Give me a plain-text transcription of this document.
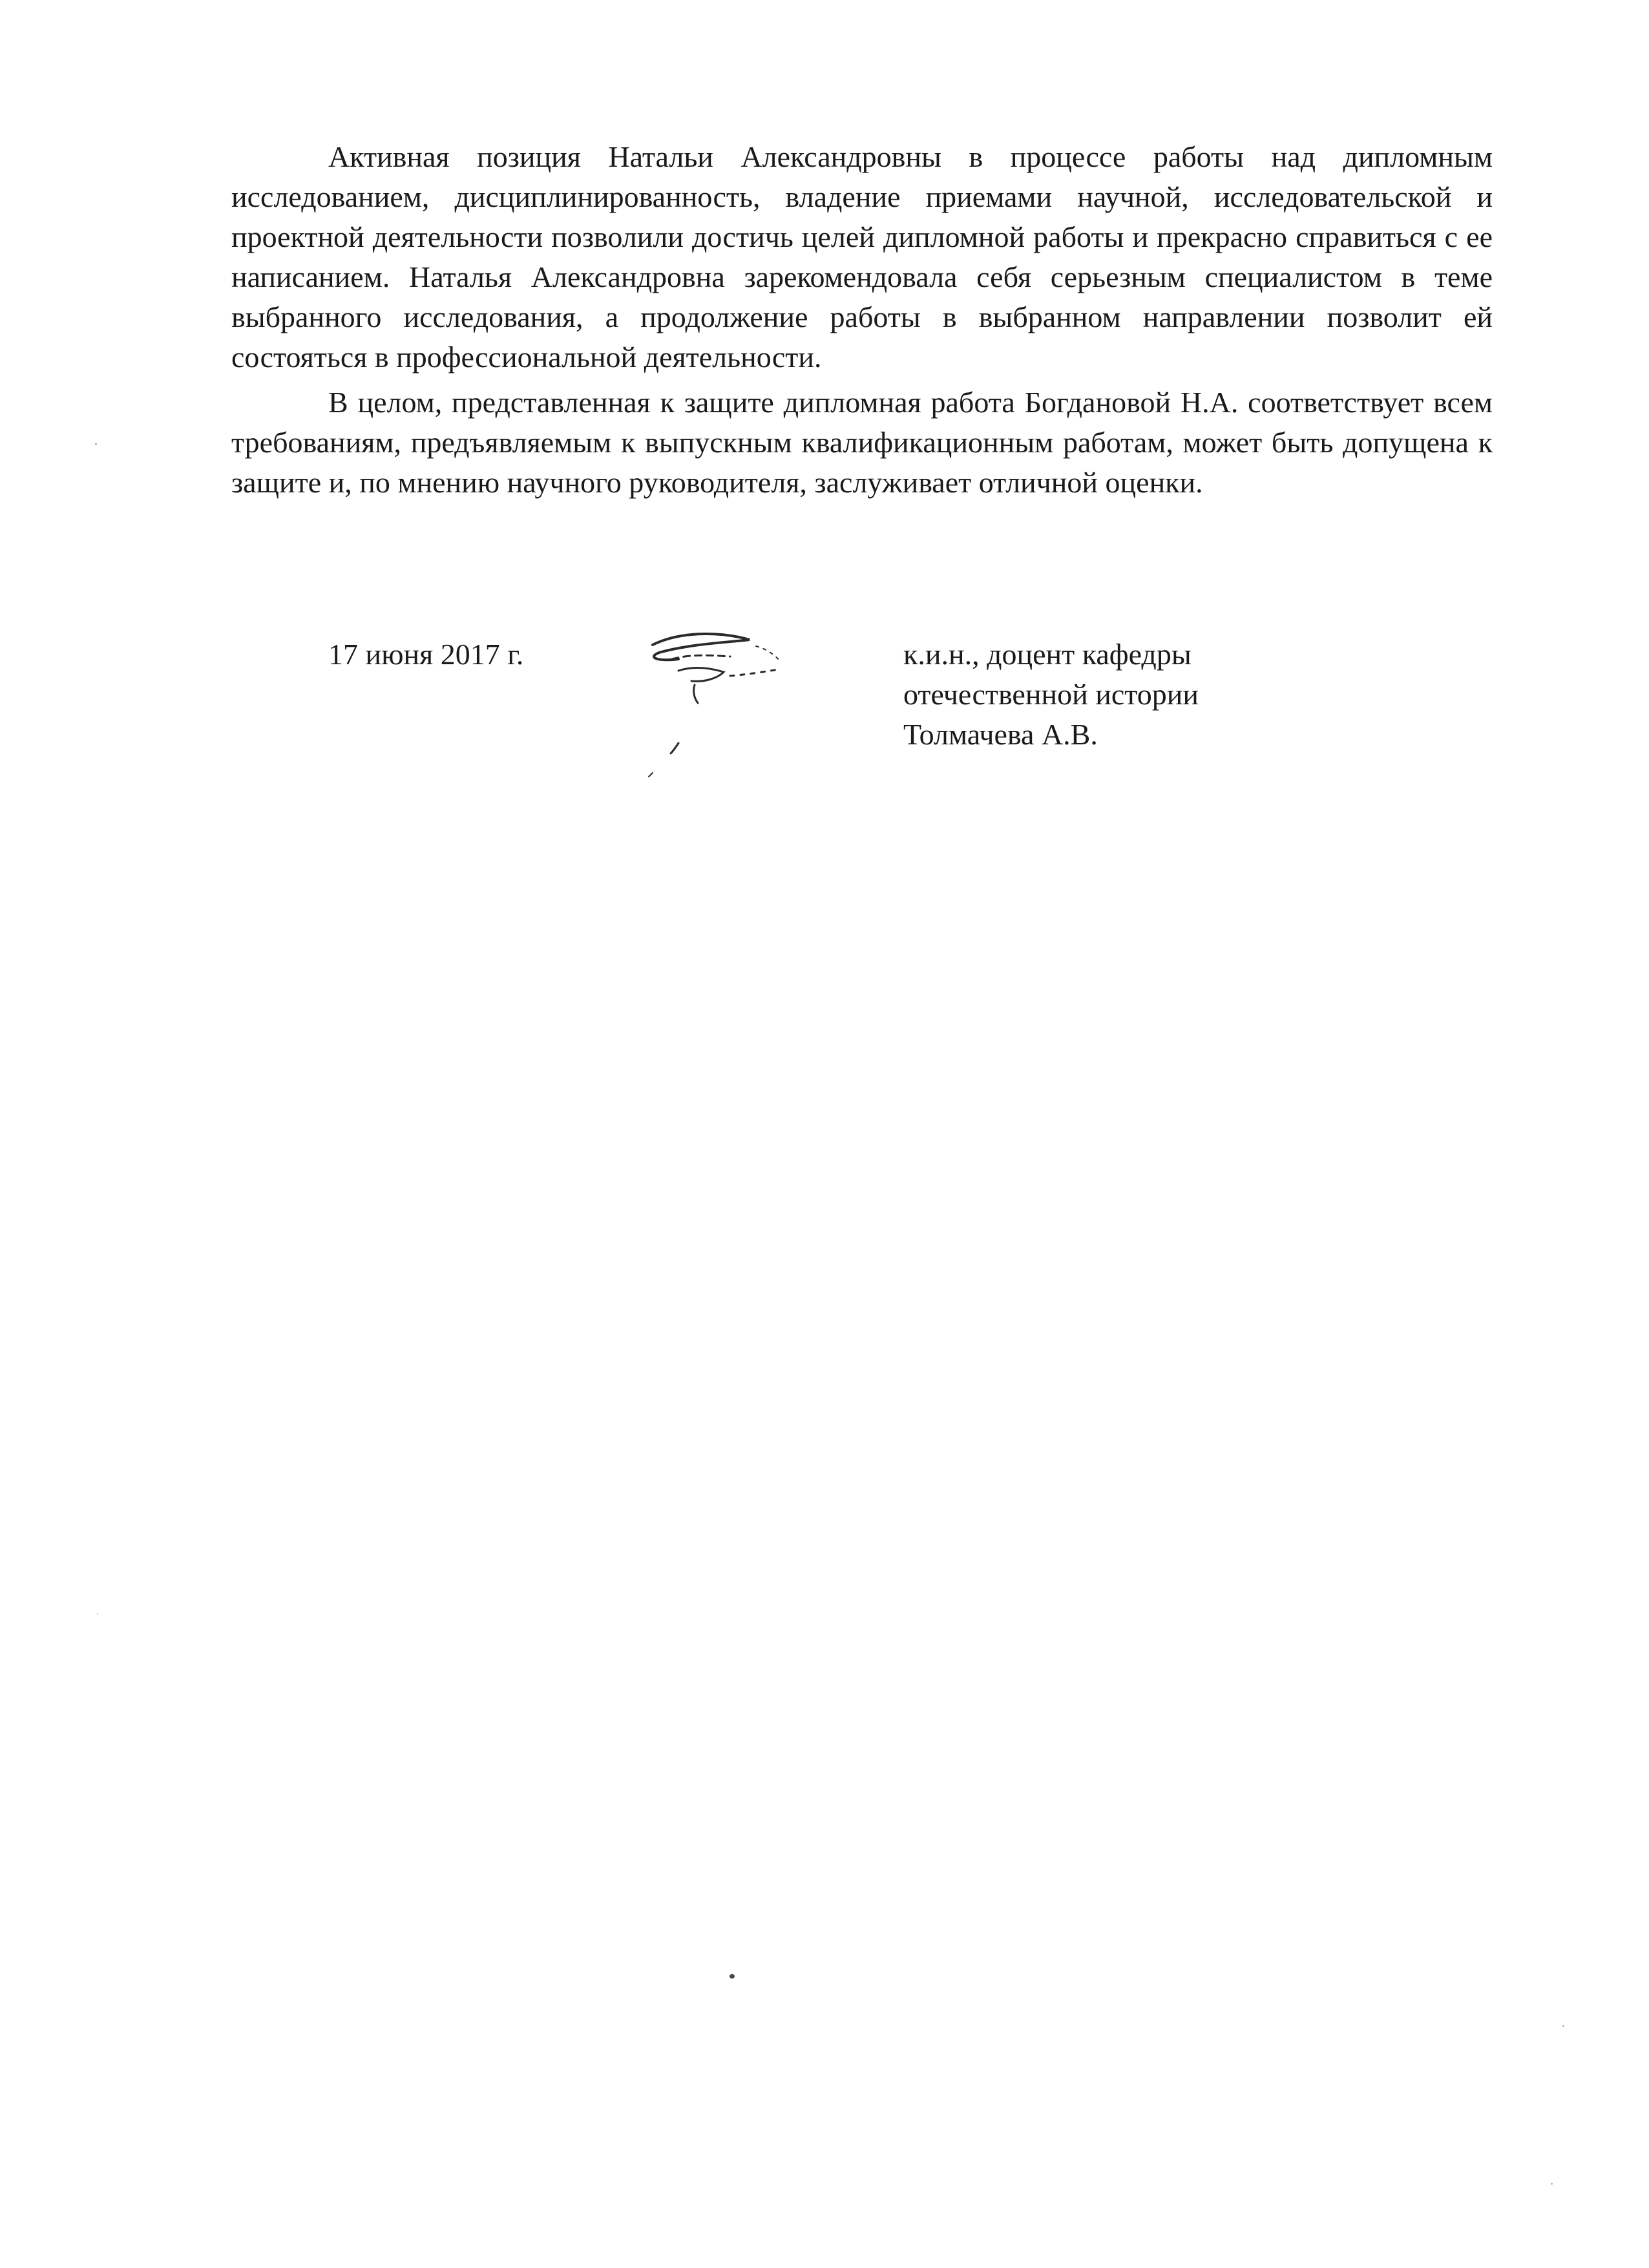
Активная позиция Натальи Александровны в процессе работы над дипломным исследованием, дисциплинированность, владение приемами научной, исследовательской и проектной деятельности позволили достичь целей дипломной работы и прекрасно справиться с ее написанием. Наталья Александровна зарекомендовала себя серьезным специалистом в теме выбранного исследования, а продолжение работы в выбранном направлении позволит ей состояться в профессиональной деятельности.

В целом, представленная к защите дипломная работа Богдановой Н.А. соответствует всем требованиям, предъявляемым к выпускным квалификационным работам, может быть допущена к защите и, по мнению научного руководителя, заслуживает отличной оценки.

17 июня 2017 г.	к.и.н., доцент кафедры
отечественной истории
Толмачева А.В.
